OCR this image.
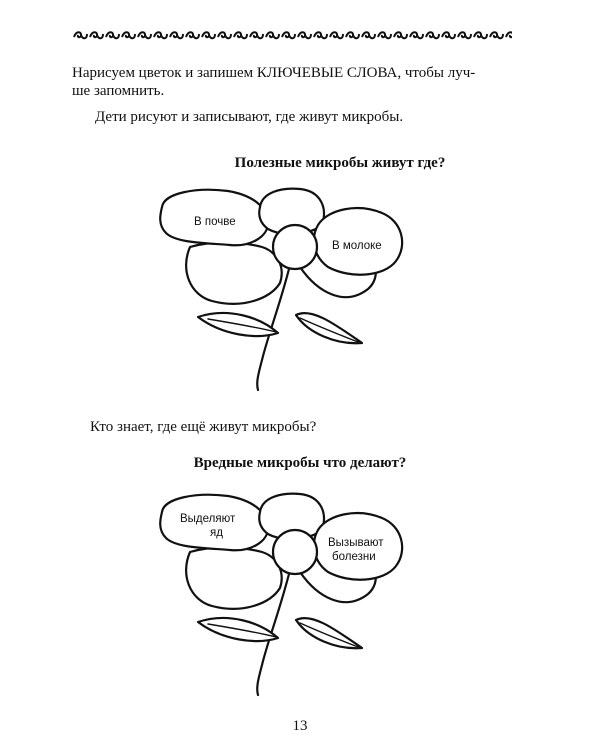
Нарисуем цветок и запишем КЛЮЧЕВЫЕ СЛОВА, чтобы луч-
ше запомнить.
Дети рисуют и записывают, где живут микробы.
Полезные микробы живут где?
В почве
В молоке
Кто знает, где ещё живут микробы?
Вредные микробы что делают?
Выделяют
яд
Вызывают
болезни
13
